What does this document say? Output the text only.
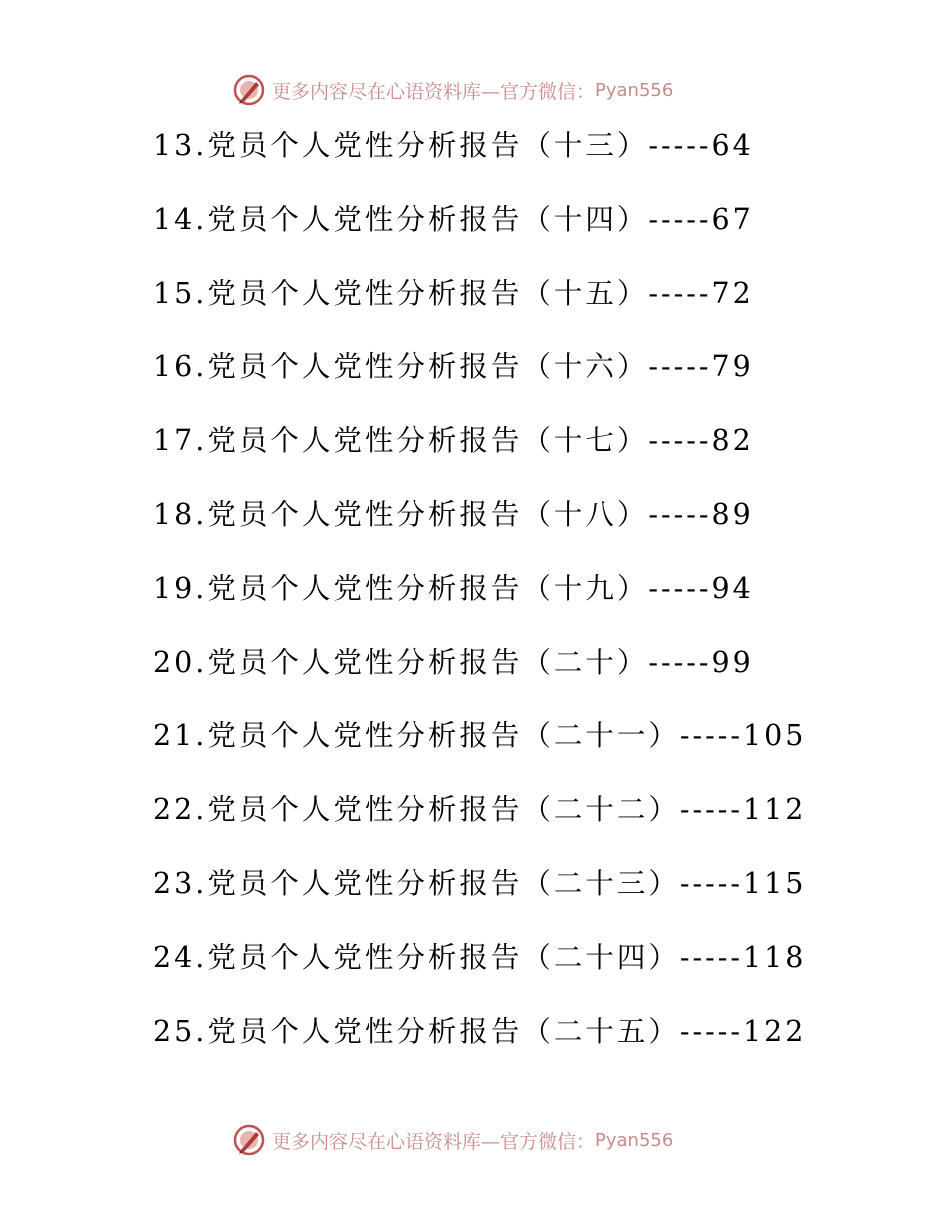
更多内容尽在心语资料库—官方微信： Pyan556
13.党员个人党性分析报告（十三）-----64
14.党员个人党性分析报告（十四）-----67
15.党员个人党性分析报告（十五）-----72
16.党员个人党性分析报告（十六）-----79
17.党员个人党性分析报告（十七）-----82
18.党员个人党性分析报告（十八）-----89
19.党员个人党性分析报告（十九）-----94
20.党员个人党性分析报告（二十）-----99
21.党员个人党性分析报告（二十一）-----105
22.党员个人党性分析报告（二十二）-----112
23.党员个人党性分析报告（二十三）-----115
24.党员个人党性分析报告（二十四）-----118
25.党员个人党性分析报告（二十五）-----122
更多内容尽在心语资料库—官方微信： Pyan556
